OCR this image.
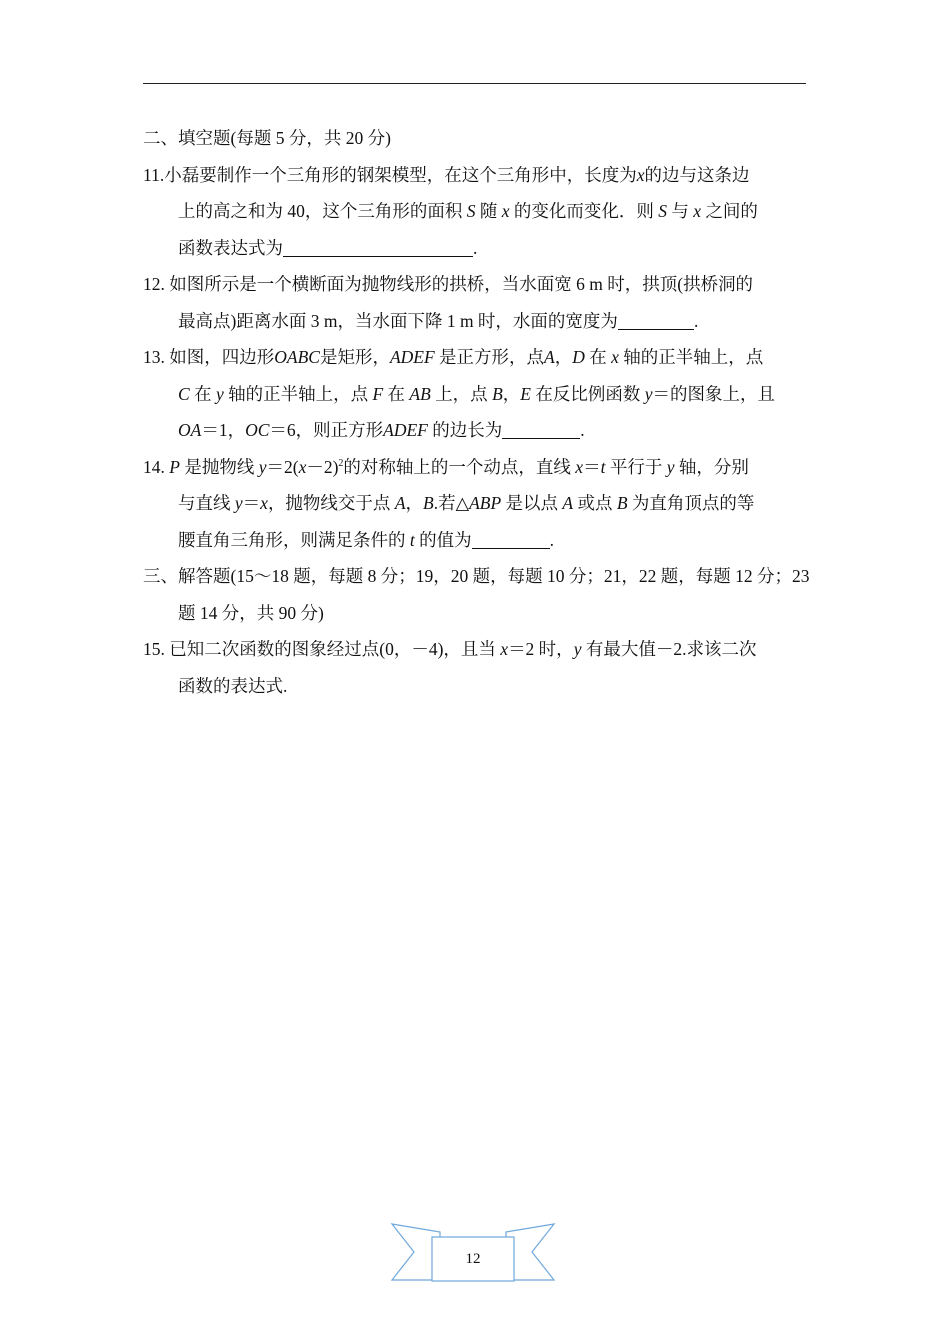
二、填空题(每题 5 分，共 20 分)
11.小磊要制作一个三角形的钢架模型，在这个三角形中，长度为x的边与这条边
上的高之和为 40，这个三角形的面积 S 随 x 的变化而变化．则 S 与 x 之间的
函数表达式为	.
12. 如图所示是一个横断面为抛物线形的拱桥，当水面宽 6 m 时，拱顶(拱桥洞的
最高点)距离水面 3 m，当水面下降 1 m 时，水面的宽度为	.
13. 如图，四边形OABC是矩形，ADEF 是正方形，点A，D 在 x 轴的正半轴上，点
C 在 y 轴的正半轴上，点 F 在 AB 上，点 B，E 在反比例函数 y＝的图象上，且
OA＝1，OC＝6，则正方形ADEF 的边长为	.
14. P 是抛物线 $y=2(x-2)^2$的对称轴上的一个动点，直线 x＝t 平行于 y 轴，分别
与直线 y＝x，抛物线交于点 A，B.若△ABP 是以点 A 或点 B 为直角顶点的等
腰直角三角形，则满足条件的 t 的值为	.
三、解答题(15～18 题，每题 8 分；19，20 题，每题 10 分；21，22 题，每题 12 分；23
题 14 分，共 90 分)
15. 已知二次函数的图象经过点(0，－4)，且当 x＝2 时，y 有最大值－2.求该二次
函数的表达式.
12
